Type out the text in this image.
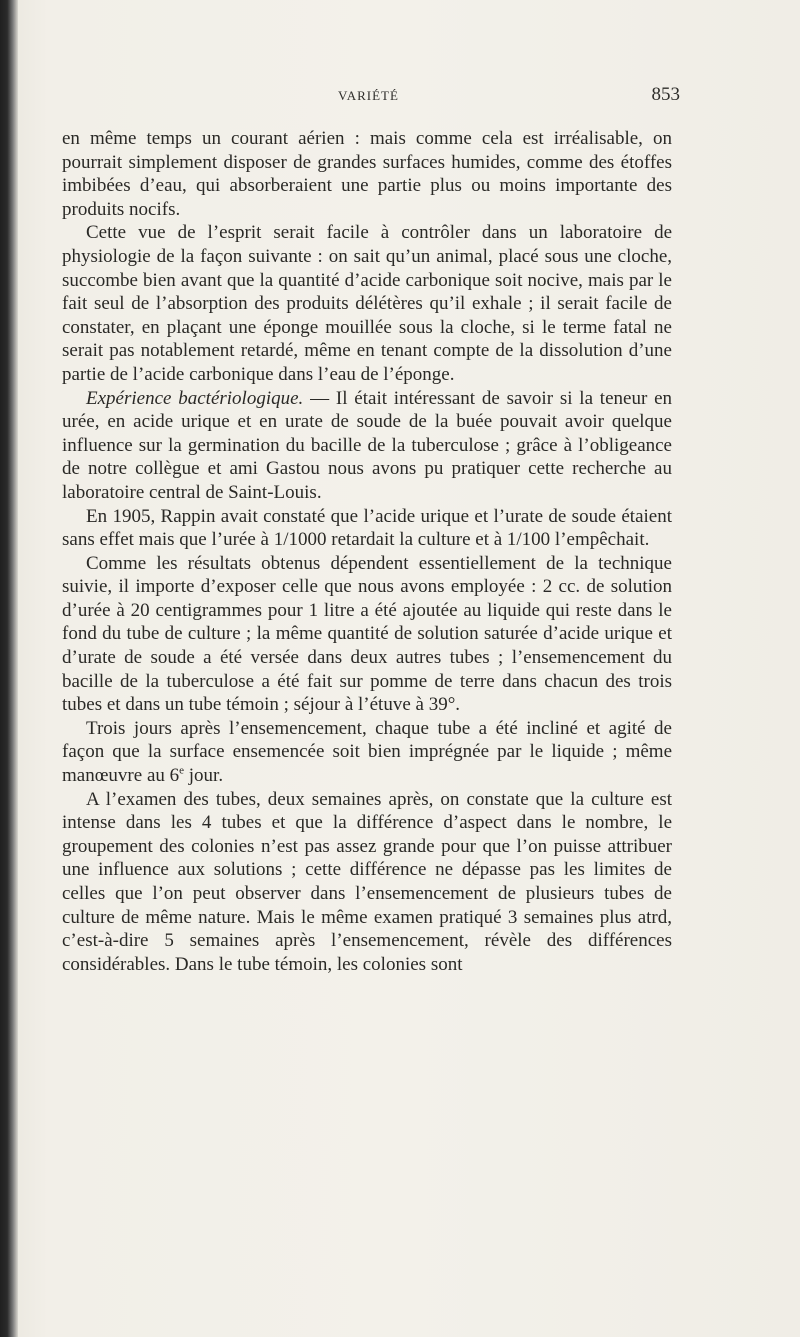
VARIÉTÉ	853

en même temps un courant aérien : mais comme cela est irréalisable, on pourrait simplement disposer de grandes surfaces humides, comme des étoffes imbibées d’eau, qui absorberaient une partie plus ou moins importante des produits nocifs.

Cette vue de l’esprit serait facile à contrôler dans un laboratoire de physiologie de la façon suivante : on sait qu’un animal, placé sous une cloche, succombe bien avant que la quantité d’acide carbonique soit nocive, mais par le fait seul de l’absorption des produits délétères qu’il exhale ; il serait facile de constater, en plaçant une éponge mouillée sous la cloche, si le terme fatal ne serait pas notablement retardé, même en tenant compte de la dissolution d’une partie de l’acide carbonique dans l’eau de l’éponge.

Expérience bactériologique. — Il était intéressant de savoir si la teneur en urée, en acide urique et en urate de soude de la buée pouvait avoir quelque influence sur la germination du bacille de la tuberculose ; grâce à l’obligeance de notre collègue et ami Gastou nous avons pu pratiquer cette recherche au laboratoire central de Saint-Louis.

En 1905, Rappin avait constaté que l’acide urique et l’urate de soude étaient sans effet mais que l’urée à 1/1000 retardait la culture et à 1/100 l’empêchait.

Comme les résultats obtenus dépendent essentiellement de la technique suivie, il importe d’exposer celle que nous avons employée : 2 cc. de solution d’urée à 20 centigrammes pour 1 litre a été ajoutée au liquide qui reste dans le fond du tube de culture ; la même quantité de solution saturée d’acide urique et d’urate de soude a été versée dans deux autres tubes ; l’ensemencement du bacille de la tuberculose a été fait sur pomme de terre dans chacun des trois tubes et dans un tube témoin ; séjour à l’étuve à 39°.

Trois jours après l’ensemencement, chaque tube a été incliné et agité de façon que la surface ensemencée soit bien imprégnée par le liquide ; même manœuvre au 6e jour.

A l’examen des tubes, deux semaines après, on constate que la culture est intense dans les 4 tubes et que la différence d’aspect dans le nombre, le groupement des colonies n’est pas assez grande pour que l’on puisse attribuer une influence aux solutions ; cette différence ne dépasse pas les limites de celles que l’on peut observer dans l’ensemencement de plusieurs tubes de culture de même nature. Mais le même examen pratiqué 3 semaines plus atrd, c’est-à-dire 5 semaines après l’ensemencement, révèle des différences considérables. Dans le tube témoin, les colonies sont
